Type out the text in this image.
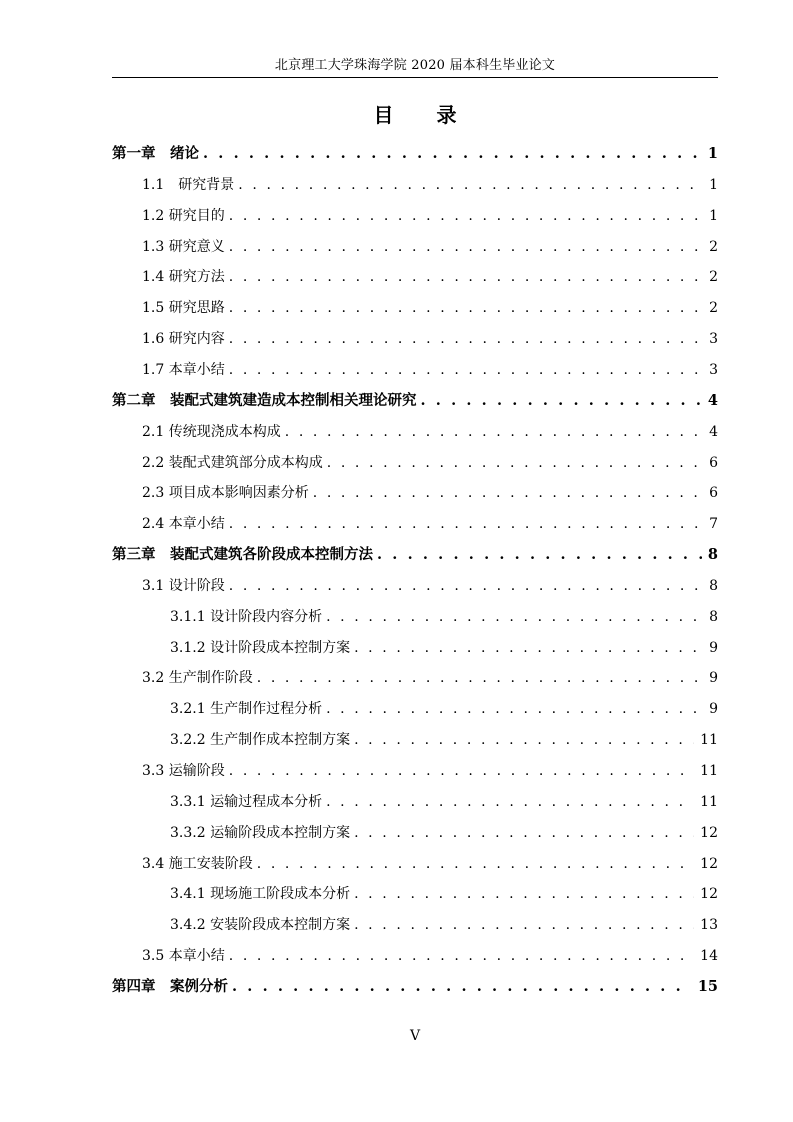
北京理工大学珠海学院 2020 届本科生毕业论文
目 录
第一章　绪论 . . .	1
1.1　研究背景 . . .	1
1.2 研究目的 . . .	1
1.3 研究意义 . . .	2
1.4 研究方法 . . .	2
1.5 研究思路 . . .	2
1.6 研究内容 . . .	3
1.7 本章小结 . . .	3
第二章　装配式建筑建造成本控制相关理论研究 . . .	4
2.1 传统现浇成本构成 . . .	4
2.2 装配式建筑部分成本构成 . . .	6
2.3 项目成本影响因素分析 . . .	6
2.4 本章小结 . . .	7
第三章　装配式建筑各阶段成本控制方法 . . .	8
3.1 设计阶段 . . .	8
3.1.1 设计阶段内容分析 . . .	8
3.1.2 设计阶段成本控制方案 . . .	9
3.2 生产制作阶段 . . .	9
3.2.1 生产制作过程分析 . . .	9
3.2.2 生产制作成本控制方案 . . .	11
3.3 运输阶段 . . .	11
3.3.1 运输过程成本分析 . . .	11
3.3.2 运输阶段成本控制方案 . . .	12
3.4 施工安装阶段 . . .	12
3.4.1 现场施工阶段成本分析 . . .	12
3.4.2 安装阶段成本控制方案 . . .	13
3.5 本章小结 . . .	14
第四章　案例分析 . . .	15
V
